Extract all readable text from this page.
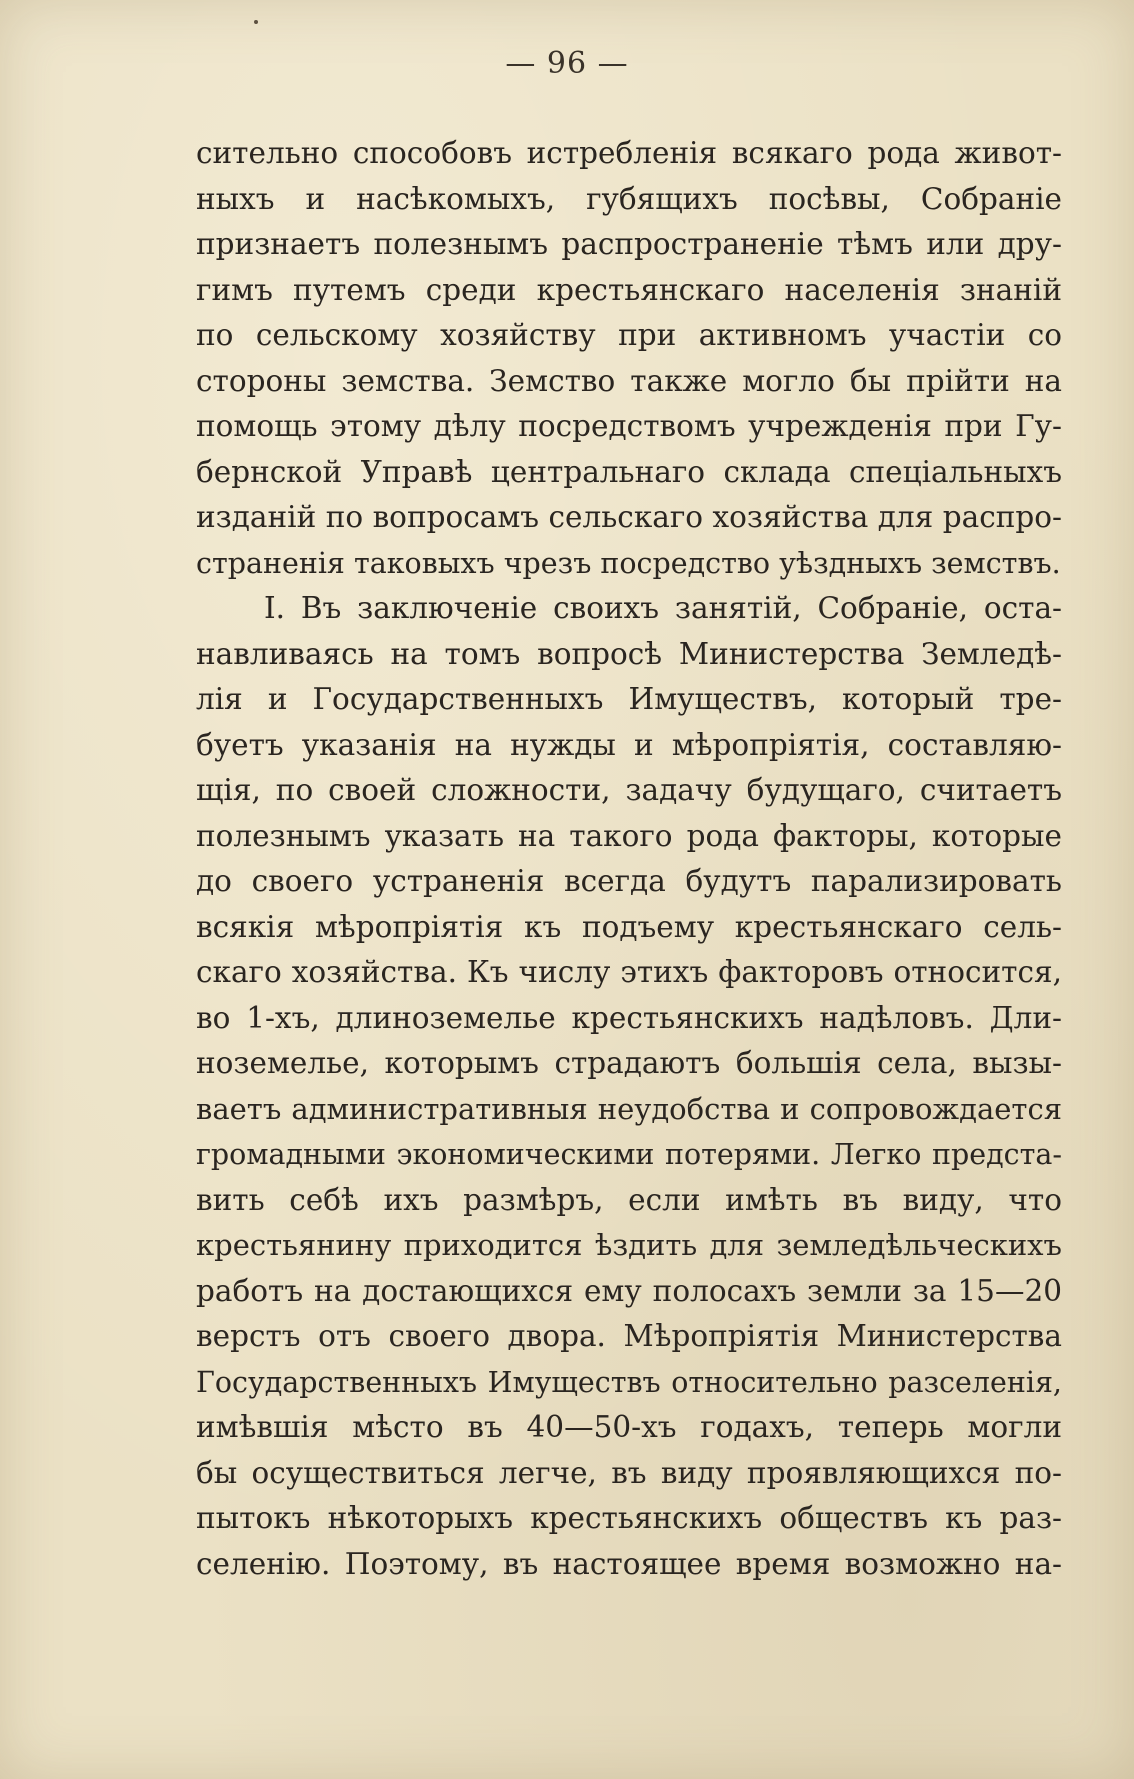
— 96 —
сительно способовъ истребленія всякаго рода живот-
ныхъ и насѣкомыхъ, губящихъ посѣвы, Собраніе
признаетъ полезнымъ распространеніе тѣмъ или дру-
гимъ путемъ среди крестьянскаго населенія знаній
по сельскому хозяйству при активномъ участіи со
стороны земства. Земство также могло бы прійти на
помощь этому дѣлу посредствомъ учрежденія при Гу-
бернской Управѣ центральнаго склада спеціальныхъ
изданій по вопросамъ сельскаго хозяйства для распро-
страненія таковыхъ чрезъ посредство уѣздныхъ земствъ.
I. Въ заключеніе своихъ занятій, Собраніе, оста-
навливаясь на томъ вопросѣ Министерства Земледѣ-
лія и Государственныхъ Имуществъ, который тре-
буетъ указанія на нужды и мѣропріятія, составляю-
щія, по своей сложности, задачу будущаго, считаетъ
полезнымъ указать на такого рода факторы, которые
до своего устраненія всегда будутъ парализировать
всякія мѣропріятія къ подъему крестьянскаго сель-
скаго хозяйства. Къ числу этихъ факторовъ относится,
во 1-хъ, длиноземелье крестьянскихъ надѣловъ. Дли-
ноземелье, которымъ страдаютъ большія села, вызы-
ваетъ административныя неудобства и сопровождается
громадными экономическими потерями. Легко предста-
вить себѣ ихъ размѣръ, если имѣть въ виду, что
крестьянину приходится ѣздить для земледѣльческихъ
работъ на достающихся ему полосахъ земли за 15—20
верстъ отъ своего двора. Мѣропріятія Министерства
Государственныхъ Имуществъ относительно разселенія,
имѣвшія мѣсто въ 40—50-хъ годахъ, теперь могли
бы осуществиться легче, въ виду проявляющихся по-
пытокъ нѣкоторыхъ крестьянскихъ обществъ къ раз-
селенію. Поэтому, въ настоящее время возможно на-
